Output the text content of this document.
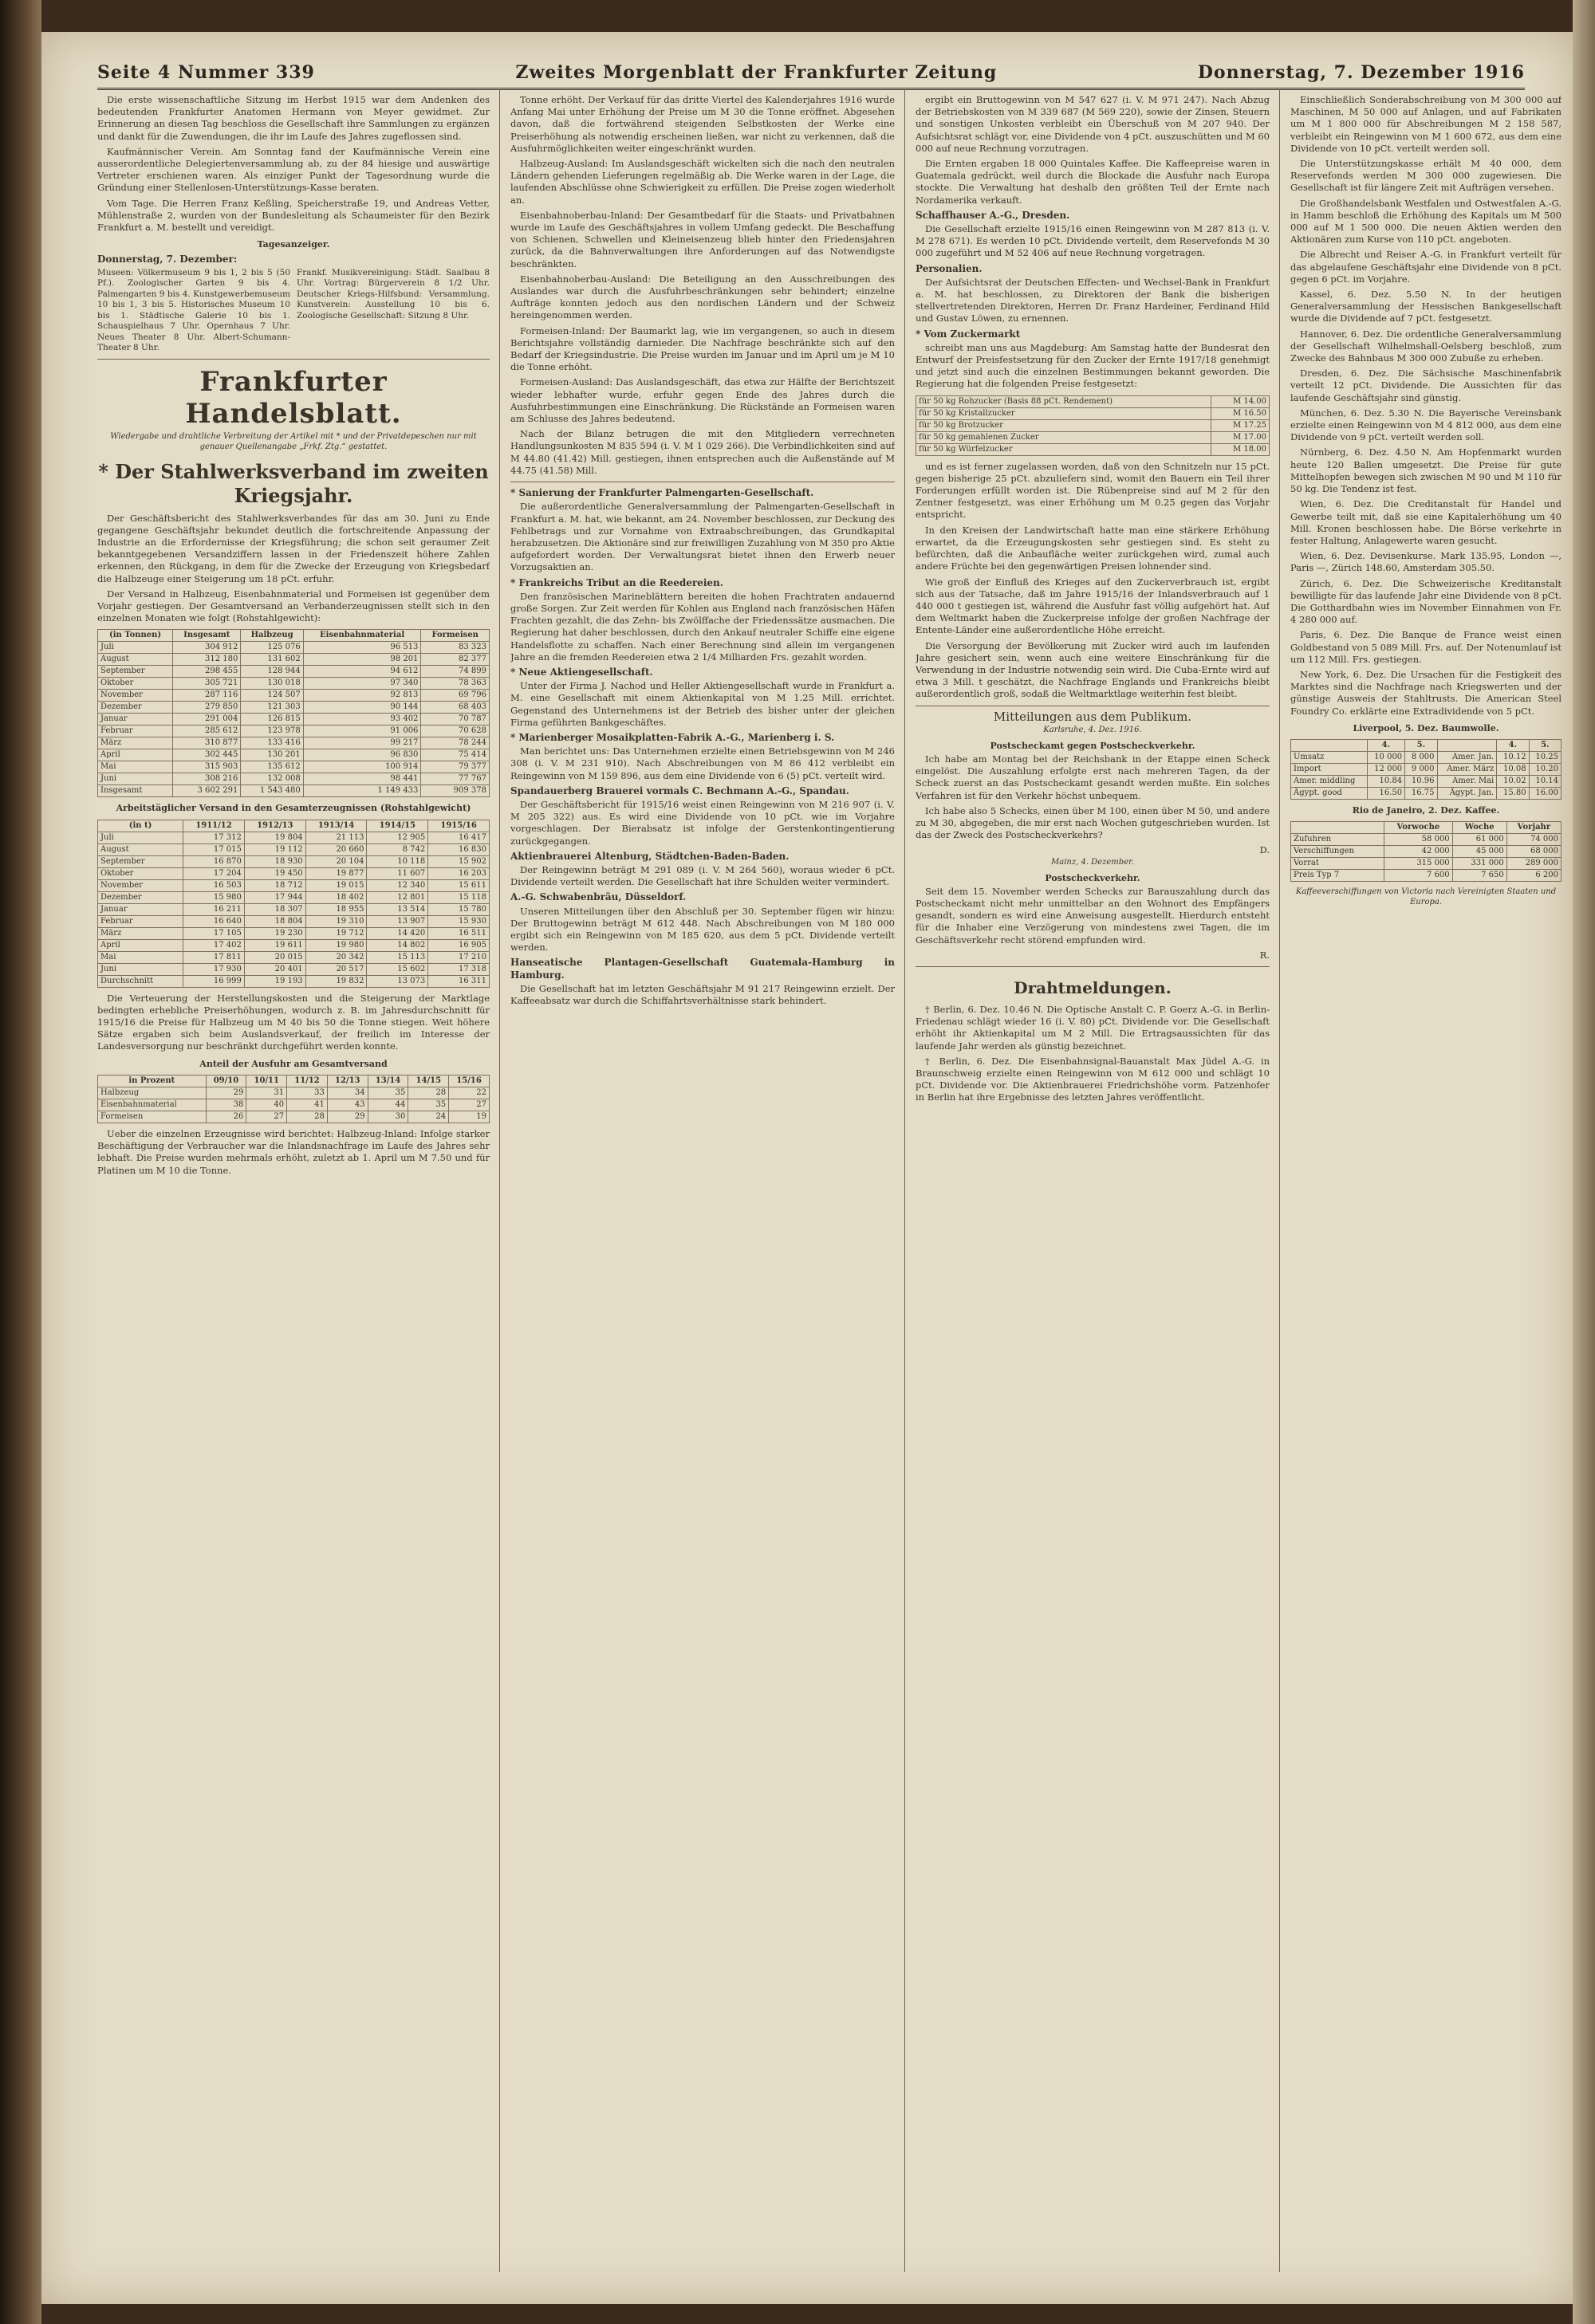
Seite 4 Nummer 339	Zweites Morgenblatt der Frankfurter Zeitung	Donnerstag, 7. Dezember 1916

Die erste wissenschaftliche Sitzung im Herbst 1915 war dem Andenken des bedeutenden Frankfurter Anatomen Hermann von Meyer gewidmet. Zur Erinnerung an diesen Tag beschloss die Gesellschaft ihre Sammlungen zu ergänzen und dankt für die Zuwendungen, die ihr im Laufe des Jahres zugeflossen sind.

Kaufmännischer Verein. Am Sonntag fand der Kaufmännische Verein eine ausserordentliche Delegiertenversammlung ab, zu der 84 hiesige und auswärtige Vertreter erschienen waren. Als einziger Punkt der Tagesordnung wurde die Gründung einer Stellenlosen-Unterstützungs-Kasse beraten.

Vom Tage. Die Herren Franz Keßling, Speicherstraße 19, und Andreas Vetter, Mühlenstraße 2, wurden von der Bundesleitung als Schaumeister für den Bezirk Frankfurt a. M. bestellt und vereidigt.

Tagesanzeiger.
Donnerstag, 7. Dezember:
Museen: Völkermuseum 9 bis 1, 2 bis 5 (50 Pf.). Zoologischer Garten 9 bis 4. Palmengarten 9 bis 4. Kunstgewerbemuseum 10 bis 1, 3 bis 5. Historisches Museum 10 bis 1. Städtische Galerie 10 bis 1. Schauspielhaus 7 Uhr. Opernhaus 7 Uhr. Neues Theater 8 Uhr. Albert-Schumann-Theater 8 Uhr.
Frankf. Musikvereinigung: Städt. Saalbau 8 Uhr. Vortrag: Bürgerverein 8 1/2 Uhr. Deutscher Kriegs-Hilfsbund: Versammlung. Kunstverein: Ausstellung 10 bis 6. Zoologische Gesellschaft: Sitzung 8 Uhr.
Frankfurter Handelsblatt.
Wiedergabe und drahtliche Verbreitung der Artikel mit * und der Privatdepeschen nur mit genauer Quellenangabe „Frkf. Ztg.“ gestattet.
* Der Stahlwerksverband im zweiten Kriegsjahr.

Der Geschäftsbericht des Stahlwerksverbandes für das am 30. Juni zu Ende gegangene Geschäftsjahr bekundet deutlich die fortschreitende Anpassung der Industrie an die Erfordernisse der Kriegsführung; die schon seit geraumer Zeit bekanntgegebenen Versandziffern lassen in der Friedenszeit höhere Zahlen erkennen, den Rückgang, in dem für die Zwecke der Erzeugung von Kriegsbedarf die Halbzeuge einer Steigerung um 18 pCt. erfuhr.

Der Versand in Halbzeug, Eisenbahnmaterial und Formeisen ist gegenüber dem Vorjahr gestiegen. Der Gesamtversand an Verbanderzeugnissen stellt sich in den einzelnen Monaten wie folgt (Rohstahlgewicht):

(in Tonnen)	Insgesamt	Halbzeug	Eisenbahnmaterial	Formeisen
Juli	304 912	125 076	96 513	83 323
August	312 180	131 602	98 201	82 377
September	298 455	128 944	94 612	74 899
Oktober	305 721	130 018	97 340	78 363
November	287 116	124 507	92 813	69 796
Dezember	279 850	121 303	90 144	68 403
Januar	291 004	126 815	93 402	70 787
Februar	285 612	123 978	91 006	70 628
März	310 877	133 416	99 217	78 244
April	302 445	130 201	96 830	75 414
Mai	315 903	135 612	100 914	79 377
Juni	308 216	132 008	98 441	77 767
Insgesamt	3 602 291	1 543 480	1 149 433	909 378
Arbeitstäglicher Versand in den Gesamterzeugnissen (Rohstahlgewicht)
(in t)	1911/12	1912/13	1913/14	1914/15	1915/16
Juli	17 312	19 804	21 113	12 905	16 417
August	17 015	19 112	20 660	8 742	16 830
September	16 870	18 930	20 104	10 118	15 902
Oktober	17 204	19 450	19 877	11 607	16 203
November	16 503	18 712	19 015	12 340	15 611
Dezember	15 980	17 944	18 402	12 801	15 118
Januar	16 211	18 307	18 955	13 514	15 780
Februar	16 640	18 804	19 310	13 907	15 930
März	17 105	19 230	19 712	14 420	16 511
April	17 402	19 611	19 980	14 802	16 905
Mai	17 811	20 015	20 342	15 113	17 210
Juni	17 930	20 401	20 517	15 602	17 318
Durchschnitt	16 999	19 193	19 832	13 073	16 311

Die Verteuerung der Herstellungskosten und die Steigerung der Marktlage bedingten erhebliche Preiserhöhungen, wodurch z. B. im Jahresdurchschnitt für 1915/16 die Preise für Halbzeug um M 40 bis 50 die Tonne stiegen. Weit höhere Sätze ergaben sich beim Auslandsverkauf, der freilich im Interesse der Landesversorgung nur beschränkt durchgeführt werden konnte.

Anteil der Ausfuhr am Gesamtversand
in Prozent	09/10	10/11	11/12	12/13	13/14	14/15	15/16
Halbzeug	29	31	33	34	35	28	22
Eisenbahnmaterial	38	40	41	43	44	35	27
Formeisen	26	27	28	29	30	24	19

Ueber die einzelnen Erzeugnisse wird berichtet: Halbzeug-Inland: Infolge starker Beschäftigung der Verbraucher war die Inlandsnachfrage im Laufe des Jahres sehr lebhaft. Die Preise wurden mehrmals erhöht, zuletzt ab 1. April um M 7.50 und für Platinen um M 10 die Tonne.

Tonne erhöht. Der Verkauf für das dritte Viertel des Kalenderjahres 1916 wurde Anfang Mai unter Erhöhung der Preise um M 30 die Tonne eröffnet. Abgesehen davon, daß die fortwährend steigenden Selbstkosten der Werke eine Preiserhöhung als notwendig erscheinen ließen, war nicht zu verkennen, daß die Ausfuhrmöglichkeiten weiter eingeschränkt wurden.

Halbzeug-Ausland: Im Auslandsgeschäft wickelten sich die nach den neutralen Ländern gehenden Lieferungen regelmäßig ab. Die Werke waren in der Lage, die laufenden Abschlüsse ohne Schwierigkeit zu erfüllen. Die Preise zogen wiederholt an.

Eisenbahnoberbau-Inland: Der Gesamtbedarf für die Staats- und Privatbahnen wurde im Laufe des Geschäftsjahres in vollem Umfang gedeckt. Die Beschaffung von Schienen, Schwellen und Kleineisenzeug blieb hinter den Friedensjahren zurück, da die Bahnverwaltungen ihre Anforderungen auf das Notwendigste beschränkten.

Eisenbahnoberbau-Ausland: Die Beteiligung an den Ausschreibungen des Auslandes war durch die Ausfuhrbeschränkungen sehr behindert; einzelne Aufträge konnten jedoch aus den nordischen Ländern und der Schweiz hereingenommen werden.

Formeisen-Inland: Der Baumarkt lag, wie im vergangenen, so auch in diesem Berichtsjahre vollständig darnieder. Die Nachfrage beschränkte sich auf den Bedarf der Kriegsindustrie. Die Preise wurden im Januar und im April um je M 10 die Tonne erhöht.

Formeisen-Ausland: Das Auslandsgeschäft, das etwa zur Hälfte der Berichtszeit wieder lebhafter wurde, erfuhr gegen Ende des Jahres durch die Ausfuhrbestimmungen eine Einschränkung. Die Rückstände an Formeisen waren am Schlusse des Jahres bedeutend.

Nach der Bilanz betrugen die mit den Mitgliedern verrechneten Handlungsunkosten M 835 594 (i. V. M 1 029 266). Die Verbindlichkeiten sind auf M 44.80 (41.42) Mill. gestiegen, ihnen entsprechen auch die Außenstände auf M 44.75 (41.58) Mill.

* Sanierung der Frankfurter Palmengarten-Gesellschaft.

Die außerordentliche Generalversammlung der Palmengarten-Gesellschaft in Frankfurt a. M. hat, wie bekannt, am 24. November beschlossen, zur Deckung des Fehlbetrags und zur Vornahme von Extraabschreibungen, das Grundkapital herabzusetzen. Die Aktionäre sind zur freiwilligen Zuzahlung von M 350 pro Aktie aufgefordert worden. Der Verwaltungsrat bietet ihnen den Erwerb neuer Vorzugsaktien an.

* Frankreichs Tribut an die Reedereien.

Den französischen Marineblättern bereiten die hohen Frachtraten andauernd große Sorgen. Zur Zeit werden für Kohlen aus England nach französischen Häfen Frachten gezahlt, die das Zehn- bis Zwölffache der Friedenssätze ausmachen. Die Regierung hat daher beschlossen, durch den Ankauf neutraler Schiffe eine eigene Handelsflotte zu schaffen. Nach einer Berechnung sind allein im vergangenen Jahre an die fremden Reedereien etwa 2 1/4 Milliarden Frs. gezahlt worden.

* Neue Aktiengesellschaft.

Unter der Firma J. Nachod und Heller Aktiengesellschaft wurde in Frankfurt a. M. eine Gesellschaft mit einem Aktienkapital von M 1.25 Mill. errichtet. Gegenstand des Unternehmens ist der Betrieb des bisher unter der gleichen Firma geführten Bankgeschäftes.

* Marienberger Mosaikplatten-Fabrik A.-G., Marienberg i. S.

Man berichtet uns: Das Unternehmen erzielte einen Betriebsgewinn von M 246 308 (i. V. M 231 910). Nach Abschreibungen von M 86 412 verbleibt ein Reingewinn von M 159 896, aus dem eine Dividende von 6 (5) pCt. verteilt wird.

Spandauerberg Brauerei vormals C. Bechmann A.-G., Spandau.

Der Geschäftsbericht für 1915/16 weist einen Reingewinn von M 216 907 (i. V. M 205 322) aus. Es wird eine Dividende von 10 pCt. wie im Vorjahre vorgeschlagen. Der Bierabsatz ist infolge der Gerstenkontingentierung zurückgegangen.

Aktienbrauerei Altenburg, Städtchen-Baden-Baden.

Der Reingewinn beträgt M 291 089 (i. V. M 264 560), woraus wieder 6 pCt. Dividende verteilt werden. Die Gesellschaft hat ihre Schulden weiter vermindert.

A.-G. Schwabenbräu, Düsseldorf.

Unseren Mitteilungen über den Abschluß per 30. September fügen wir hinzu: Der Bruttogewinn beträgt M 612 448. Nach Abschreibungen von M 180 000 ergibt sich ein Reingewinn von M 185 620, aus dem 5 pCt. Dividende verteilt werden.

Hanseatische Plantagen-Gesellschaft Guatemala-Hamburg in Hamburg.

Die Gesellschaft hat im letzten Geschäftsjahr M 91 217 Reingewinn erzielt. Der Kaffeeabsatz war durch die Schiffahrtsverhältnisse stark behindert.

ergibt ein Bruttogewinn von M 547 627 (i. V. M 971 247). Nach Abzug der Betriebskosten von M 339 687 (M 569 220), sowie der Zinsen, Steuern und sonstigen Unkosten verbleibt ein Überschuß von M 207 940. Der Aufsichtsrat schlägt vor, eine Dividende von 4 pCt. auszuschütten und M 60 000 auf neue Rechnung vorzutragen.

Die Ernten ergaben 18 000 Quintales Kaffee. Die Kaffeepreise waren in Guatemala gedrückt, weil durch die Blockade die Ausfuhr nach Europa stockte. Die Verwaltung hat deshalb den größten Teil der Ernte nach Nordamerika verkauft.

Schaffhauser A.-G., Dresden.

Die Gesellschaft erzielte 1915/16 einen Reingewinn von M 287 813 (i. V. M 278 671). Es werden 10 pCt. Dividende verteilt, dem Reservefonds M 30 000 zugeführt und M 52 406 auf neue Rechnung vorgetragen.

Personalien.

Der Aufsichtsrat der Deutschen Effecten- und Wechsel-Bank in Frankfurt a. M. hat beschlossen, zu Direktoren der Bank die bisherigen stellvertretenden Direktoren, Herren Dr. Franz Hardeiner, Ferdinand Hild und Gustav Löwen, zu ernennen.

* Vom Zuckermarkt

schreibt man uns aus Magdeburg: Am Samstag hatte der Bundesrat den Entwurf der Preisfestsetzung für den Zucker der Ernte 1917/18 genehmigt und jetzt sind auch die einzelnen Bestimmungen bekannt geworden. Die Regierung hat die folgenden Preise festgesetzt:

für 50 kg Rohzucker (Basis 88 pCt. Rendement)	M 14.00
für 50 kg Kristallzucker	M 16.50
für 50 kg Brotzucker	M 17.25
für 50 kg gemahlenen Zucker	M 17.00
für 50 kg Würfelzucker	M 18.00

und es ist ferner zugelassen worden, daß von den Schnitzeln nur 15 pCt. gegen bisherige 25 pCt. abzuliefern sind, womit den Bauern ein Teil ihrer Forderungen erfüllt worden ist. Die Rübenpreise sind auf M 2 für den Zentner festgesetzt, was einer Erhöhung um M 0.25 gegen das Vorjahr entspricht.

In den Kreisen der Landwirtschaft hatte man eine stärkere Erhöhung erwartet, da die Erzeugungskosten sehr gestiegen sind. Es steht zu befürchten, daß die Anbaufläche weiter zurückgehen wird, zumal auch andere Früchte bei den gegenwärtigen Preisen lohnender sind.

Wie groß der Einfluß des Krieges auf den Zuckerverbrauch ist, ergibt sich aus der Tatsache, daß im Jahre 1915/16 der Inlandsverbrauch auf 1 440 000 t gestiegen ist, während die Ausfuhr fast völlig aufgehört hat. Auf dem Weltmarkt haben die Zuckerpreise infolge der großen Nachfrage der Entente-Länder eine außerordentliche Höhe erreicht.

Die Versorgung der Bevölkerung mit Zucker wird auch im laufenden Jahre gesichert sein, wenn auch eine weitere Einschränkung für die Verwendung in der Industrie notwendig sein wird. Die Cuba-Ernte wird auf etwa 3 Mill. t geschätzt, die Nachfrage Englands und Frankreichs bleibt außerordentlich groß, sodaß die Weltmarktlage weiterhin fest bleibt.

Mitteilungen aus dem Publikum.
Karlsruhe, 4. Dez. 1916.
Postscheckamt gegen Postscheckverkehr.

Ich habe am Montag bei der Reichsbank in der Etappe einen Scheck eingelöst. Die Auszahlung erfolgte erst nach mehreren Tagen, da der Scheck zuerst an das Postscheckamt gesandt werden mußte. Ein solches Verfahren ist für den Verkehr höchst unbequem.

Ich habe also 5 Schecks, einen über M 100, einen über M 50, und andere zu M 30, abgegeben, die mir erst nach Wochen gutgeschrieben wurden. Ist das der Zweck des Postscheckverkehrs?

D.
Mainz, 4. Dezember.
Postscheckverkehr.

Seit dem 15. November werden Schecks zur Barauszahlung durch das Postscheckamt nicht mehr unmittelbar an den Wohnort des Empfängers gesandt, sondern es wird eine Anweisung ausgestellt. Hierdurch entsteht für die Inhaber eine Verzögerung von mindestens zwei Tagen, die im Geschäftsverkehr recht störend empfunden wird.

R.
Drahtmeldungen.

† Berlin, 6. Dez. 10.46 N. Die Optische Anstalt C. P. Goerz A.-G. in Berlin-Friedenau schlägt wieder 16 (i. V. 80) pCt. Dividende vor. Die Gesellschaft erhöht ihr Aktienkapital um M 2 Mill. Die Ertragsaussichten für das laufende Jahr werden als günstig bezeichnet.

† Berlin, 6. Dez. Die Eisenbahnsignal-Bauanstalt Max Jüdel A.-G. in Braunschweig erzielte einen Reingewinn von M 612 000 und schlägt 10 pCt. Dividende vor. Die Aktienbrauerei Friedrichshöhe vorm. Patzenhofer in Berlin hat ihre Ergebnisse des letzten Jahres veröffentlicht.

Einschließlich Sonderabschreibung von M 300 000 auf Maschinen, M 50 000 auf Anlagen, und auf Fabrikaten um M 1 800 000 für Abschreibungen M 2 158 587, verbleibt ein Reingewinn von M 1 600 672, aus dem eine Dividende von 10 pCt. verteilt werden soll.

Die Unterstützungskasse erhält M 40 000, dem Reservefonds werden M 300 000 zugewiesen. Die Gesellschaft ist für längere Zeit mit Aufträgen versehen.

Die Großhandelsbank Westfalen und Ostwestfalen A.-G. in Hamm beschloß die Erhöhung des Kapitals um M 500 000 auf M 1 500 000. Die neuen Aktien werden den Aktionären zum Kurse von 110 pCt. angeboten.

Die Albrecht und Reiser A.-G. in Frankfurt verteilt für das abgelaufene Geschäftsjahr eine Dividende von 8 pCt. gegen 6 pCt. im Vorjahre.

Kassel, 6. Dez. 5.50 N. In der heutigen Generalversammlung der Hessischen Bankgesellschaft wurde die Dividende auf 7 pCt. festgesetzt.

Hannover, 6. Dez. Die ordentliche Generalversammlung der Gesellschaft Wilhelmshall-Oelsberg beschloß, zum Zwecke des Bahnbaus M 300 000 Zubuße zu erheben.

Dresden, 6. Dez. Die Sächsische Maschinenfabrik verteilt 12 pCt. Dividende. Die Aussichten für das laufende Geschäftsjahr sind günstig.

München, 6. Dez. 5.30 N. Die Bayerische Vereinsbank erzielte einen Reingewinn von M 4 812 000, aus dem eine Dividende von 9 pCt. verteilt werden soll.

Nürnberg, 6. Dez. 4.50 N. Am Hopfenmarkt wurden heute 120 Ballen umgesetzt. Die Preise für gute Mittelhopfen bewegen sich zwischen M 90 und M 110 für 50 kg. Die Tendenz ist fest.

Wien, 6. Dez. Die Creditanstalt für Handel und Gewerbe teilt mit, daß sie eine Kapitalerhöhung um 40 Mill. Kronen beschlossen habe. Die Börse verkehrte in fester Haltung, Anlagewerte waren gesucht.

Wien, 6. Dez. Devisenkurse. Mark 135.95, London —, Paris —, Zürich 148.60, Amsterdam 305.50.

Zürich, 6. Dez. Die Schweizerische Kreditanstalt bewilligte für das laufende Jahr eine Dividende von 8 pCt. Die Gotthardbahn wies im November Einnahmen von Fr. 4 280 000 auf.

Paris, 6. Dez. Die Banque de France weist einen Goldbestand von 5 089 Mill. Frs. auf. Der Notenumlauf ist um 112 Mill. Frs. gestiegen.

New York, 6. Dez. Die Ursachen für die Festigkeit des Marktes sind die Nachfrage nach Kriegswerten und der günstige Ausweis der Stahltrusts. Die American Steel Foundry Co. erklärte eine Extradividende von 5 pCt.

Liverpool, 5. Dez. Baumwolle.
	4.	5.		4.	5.
Umsatz	10 000	8 000	Amer. Jan.	10.12	10.25
Import	12 000	9 000	Amer. März	10.08	10.20
Amer. middling	10.84	10.96	Amer. Mai	10.02	10.14
Ägypt. good	16.50	16.75	Ägypt. Jan.	15.80	16.00
Rio de Janeiro, 2. Dez. Kaffee.
	Vorwoche	Woche	Vorjahr
Zufuhren	58 000	61 000	74 000
Verschiffungen	42 000	45 000	68 000
Vorrat	315 000	331 000	289 000
Preis Typ 7	7 600	7 650	6 200
Kaffeeverschiffungen von Victoria nach Vereinigten Staaten und Europa.
